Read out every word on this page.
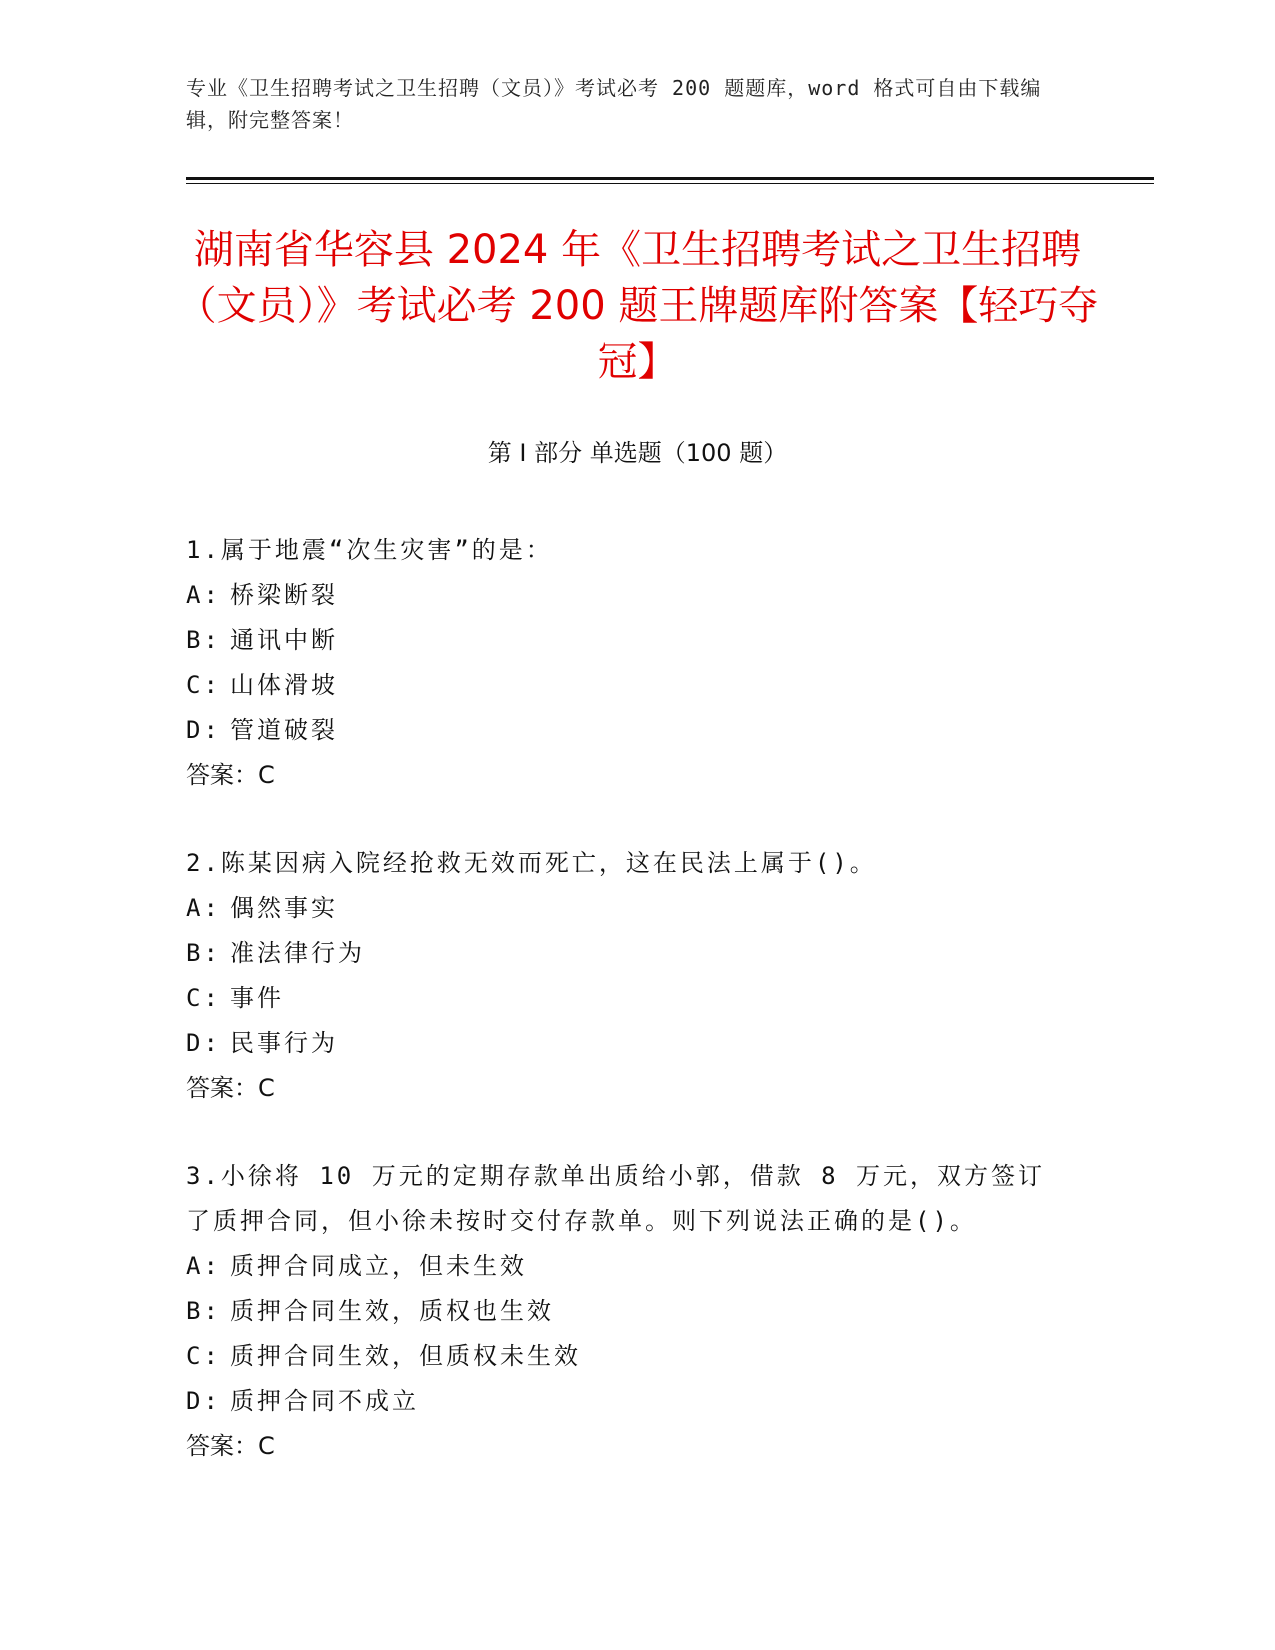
专业《卫生招聘考试之卫生招聘（文员）》考试必考 200 题题库，word 格式可自由下载编辑，附完整答案！
湖南省华容县 2024 年《卫生招聘考试之卫生招聘（文员）》考试必考 200 题王牌题库附答案【轻巧夺冠】
第 I 部分 单选题（100 题）
1.属于地震“次生灾害”的是：
A: 桥梁断裂
B: 通讯中断
C: 山体滑坡
D: 管道破裂
答案：C
2.陈某因病入院经抢救无效而死亡，这在民法上属于()。
A: 偶然事实
B: 准法律行为
C: 事件
D: 民事行为
答案：C
3.小徐将 10 万元的定期存款单出质给小郭，借款 8 万元，双方签订了质押合同，但小徐未按时交付存款单。则下列说法正确的是()。
A: 质押合同成立，但未生效
B: 质押合同生效，质权也生效
C: 质押合同生效，但质权未生效
D: 质押合同不成立
答案：C
